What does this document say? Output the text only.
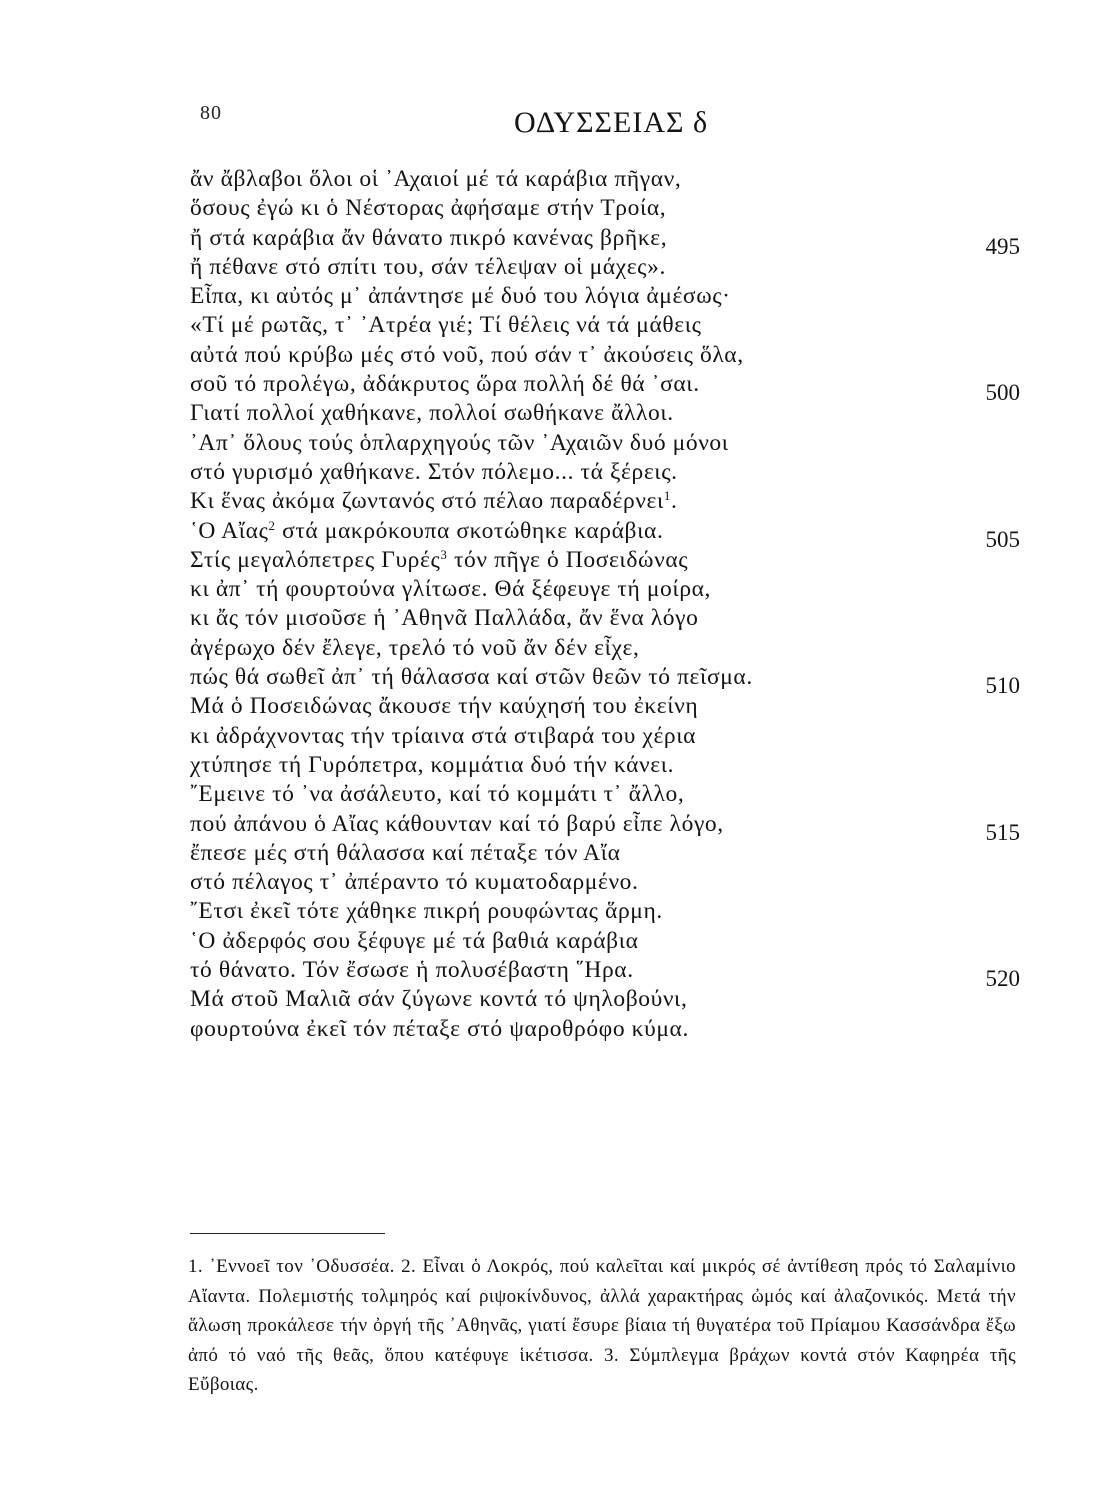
80	ΟΔΥΣΣΕΙΑΣ δ
ἄν ἄβλαβοι ὅλοι οἱ ᾿Αχαιοί μέ τά καράβια πῆγαν,
ὅσους ἐγώ κι ὁ Νέστορας ἀφήσαμε στήν Τροία,
ἤ στά καράβια ἄν θάνατο πικρό κανένας βρῆκε,	495
ἤ πέθανε στό σπίτι του, σάν τέλεψαν οἱ μάχες».
Εἶπα, κι αὐτός μ᾿ ἀπάντησε μέ δυό του λόγια ἀμέσως·
«Τί μέ ρωτᾶς, τ᾿ ᾿Ατρέα γιέ; Τί θέλεις νά τά μάθεις
αὐτά πού κρύβω μές στό νοῦ, πού σάν τ᾿ ἀκούσεις ὅλα,
σοῦ τό προλέγω, ἀδάκρυτος ὥρα πολλή δέ θά ᾿σαι.	500
Γιατί πολλοί χαθήκανε, πολλοί σωθήκανε ἄλλοι.
᾿Απ᾿ ὅλους τούς ὁπλαρχηγούς τῶν ᾿Αχαιῶν δυό μόνοι
στό γυρισμό χαθήκανε. Στόν πόλεμο... τά ξέρεις.
Κι ἕνας ἀκόμα ζωντανός στό πέλαο παραδέρνει$^1$.
῾Ο Αἴας$^2$ στά μακρόκουπα σκοτώθηκε καράβια.	505
Στίς μεγαλόπετρες Γυρές$^3$ τόν πῆγε ὁ Ποσειδώνας
κι ἀπ᾿ τή φουρτούνα γλίτωσε. Θά ξέφευγε τή μοίρα,
κι ἄς τόν μισοῦσε ἡ ᾿Αθηνᾶ Παλλάδα, ἄν ἕνα λόγο
ἀγέρωχο δέν ἔλεγε, τρελό τό νοῦ ἄν δέν εἶχε,
πώς θά σωθεῖ ἀπ᾿ τή θάλασσα καί στῶν θεῶν τό πεῖσμα.	510
Μά ὁ Ποσειδώνας ἄκουσε τήν καύχησή του ἐκείνη
κι ἀδράχνοντας τήν τρίαινα στά στιβαρά του χέρια
χτύπησε τή Γυρόπετρα, κομμάτια δυό τήν κάνει.
῎Εμεινε τό ᾿να ἀσάλευτο, καί τό κομμάτι τ᾿ ἄλλο,
πού ἀπάνου ὁ Αἴας κάθουνταν καί τό βαρύ εἶπε λόγο,	515
ἔπεσε μές στή θάλασσα καί πέταξε τόν Αἴα
στό πέλαγος τ᾿ ἀπέραντο τό κυματοδαρμένο.
῎Ετσι ἐκεῖ τότε χάθηκε πικρή ρουφώντας ἅρμη.
῾Ο ἀδερφός σου ξέφυγε μέ τά βαθιά καράβια
τό θάνατο. Τόν ἔσωσε ἡ πολυσέβαστη ῞Ηρα.	520
Μά στοῦ Μαλιᾶ σάν ζύγωνε κοντά τό ψηλοβούνι,
φουρτούνα ἐκεῖ τόν πέταξε στό ψαροθρόφο κύμα.
1. ᾿Εννοεῖ τον ᾿Οδυσσέα. 2. Εἶναι ὁ Λοκρός, πού καλεῖται καί μικρός σέ ἀντίθεση πρός τό Σαλαμίνιο Αἴαντα. Πολεμιστής τολμηρός καί ριψοκίνδυνος, ἀλλά χαρακτήρας ὠμός καί ἀλαζονικός. Μετά τήν ἅλωση προκάλεσε τήν ὀργή τῆς ᾿Αθηνᾶς, γιατί ἔσυρε βίαια τή θυγατέρα τοῦ Πρίαμου Κασσάνδρα ἔξω ἀπό τό ναό τῆς θεᾶς, ὅπου κατέφυγε ἱκέτισσα. 3. Σύμπλεγμα βράχων κοντά στόν Καφηρέα τῆς Εὔβοιας.
